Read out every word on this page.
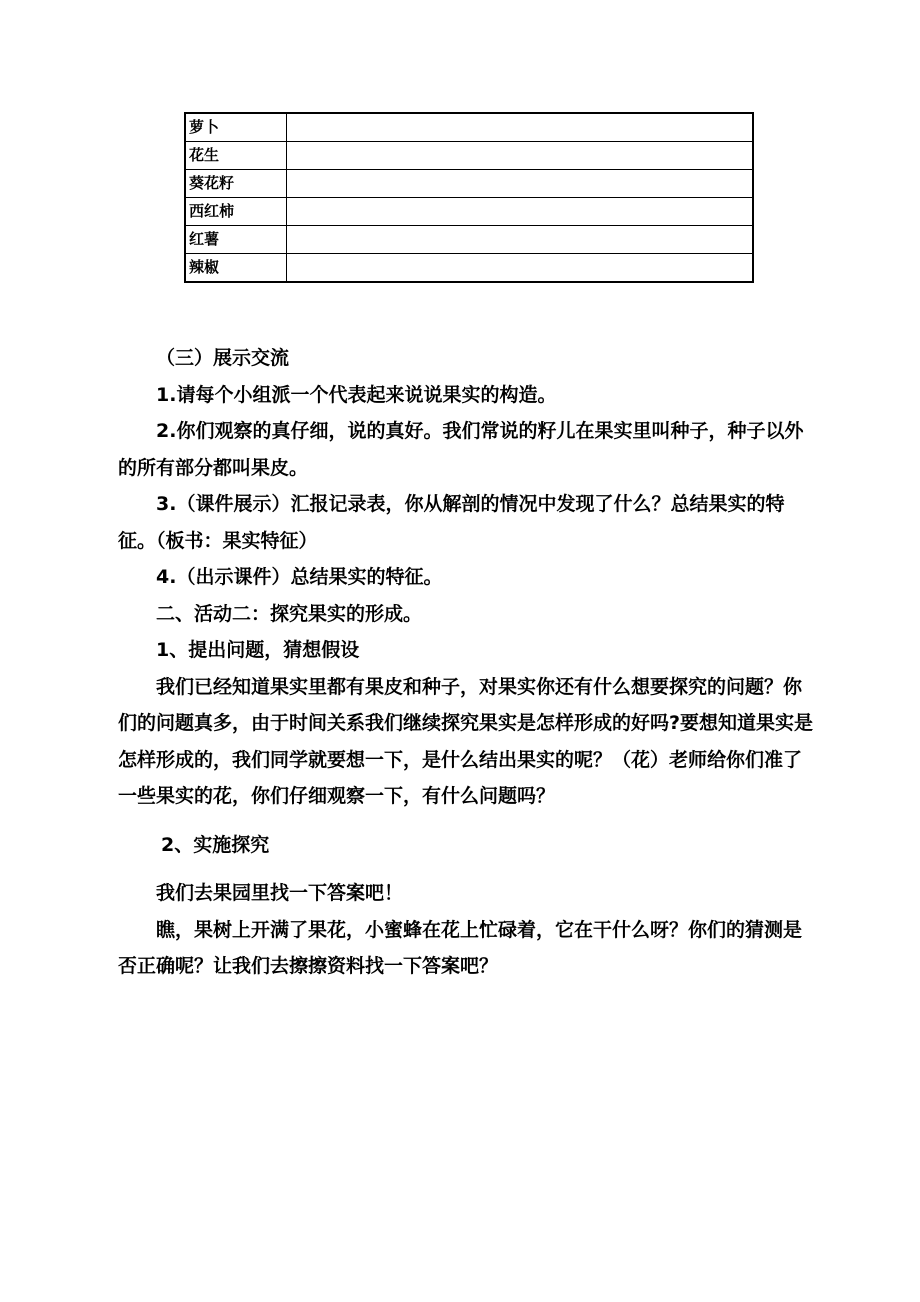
萝卜	
花生	
葵花籽	
西红柿	
红薯	
辣椒	

（三）展示交流

1.请每个小组派一个代表起来说说果实的构造。

2.你们观察的真仔细，说的真好。我们常说的籽儿在果实里叫种子，种子以外的所有部分都叫果皮。

3.（课件展示）汇报记录表，你从解剖的情况中发现了什么？总结果实的特征。（板书：果实特征）

4.（出示课件）总结果实的特征。

二、活动二：探究果实的形成。

1、提出问题，猜想假设

我们已经知道果实里都有果皮和种子，对果实你还有什么想要探究的问题？你们的问题真多，由于时间关系我们继续探究果实是怎样形成的好吗?要想知道果实是怎样形成的，我们同学就要想一下，是什么结出果实的呢？（花）老师给你们准了一些果实的花，你们仔细观察一下，有什么问题吗？

2、实施探究

我们去果园里找一下答案吧！

瞧，果树上开满了果花，小蜜蜂在花上忙碌着，它在干什么呀？你们的猜测是否正确呢？让我们去擦擦资料找一下答案吧？
